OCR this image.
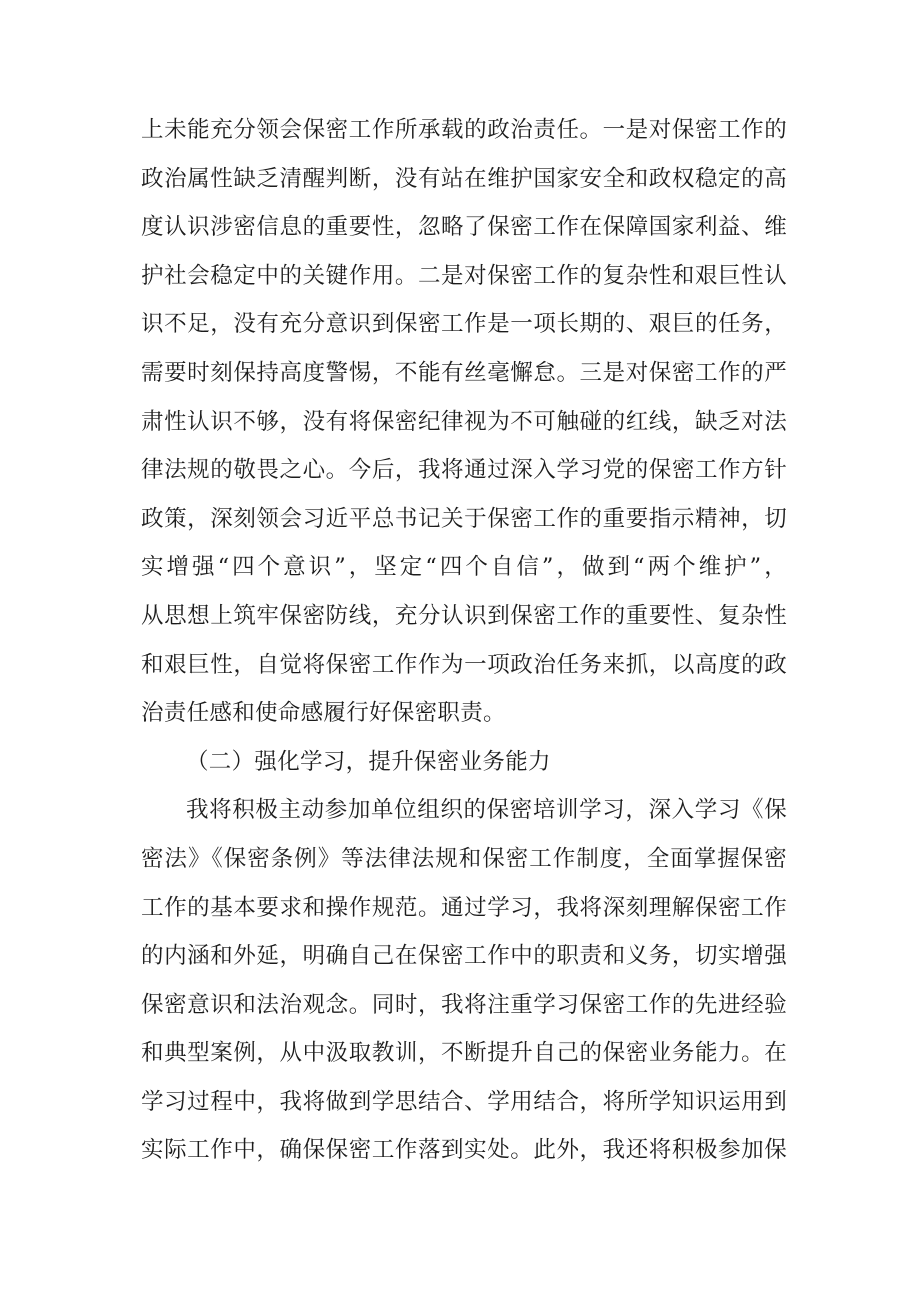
上未能充分领会保密工作所承载的政治责任。一是对保密工作的
政治属性缺乏清醒判断，没有站在维护国家安全和政权稳定的高
度认识涉密信息的重要性，忽略了保密工作在保障国家利益、维
护社会稳定中的关键作用。二是对保密工作的复杂性和艰巨性认
识不足，没有充分意识到保密工作是一项长期的、艰巨的任务，
需要时刻保持高度警惕，不能有丝毫懈怠。三是对保密工作的严
肃性认识不够，没有将保密纪律视为不可触碰的红线，缺乏对法
律法规的敬畏之心。今后，我将通过深入学习党的保密工作方针
政策，深刻领会习近平总书记关于保密工作的重要指示精神，切
实增强“四个意识”，坚定“四个自信”，做到“两个维护”，
从思想上筑牢保密防线，充分认识到保密工作的重要性、复杂性
和艰巨性，自觉将保密工作作为一项政治任务来抓，以高度的政
治责任感和使命感履行好保密职责。
（二）强化学习，提升保密业务能力
我将积极主动参加单位组织的保密培训学习，深入学习《保
密法》《保密条例》等法律法规和保密工作制度，全面掌握保密
工作的基本要求和操作规范。通过学习，我将深刻理解保密工作
的内涵和外延，明确自己在保密工作中的职责和义务，切实增强
保密意识和法治观念。同时，我将注重学习保密工作的先进经验
和典型案例，从中汲取教训，不断提升自己的保密业务能力。在
学习过程中，我将做到学思结合、学用结合，将所学知识运用到
实际工作中，确保保密工作落到实处。此外，我还将积极参加保
